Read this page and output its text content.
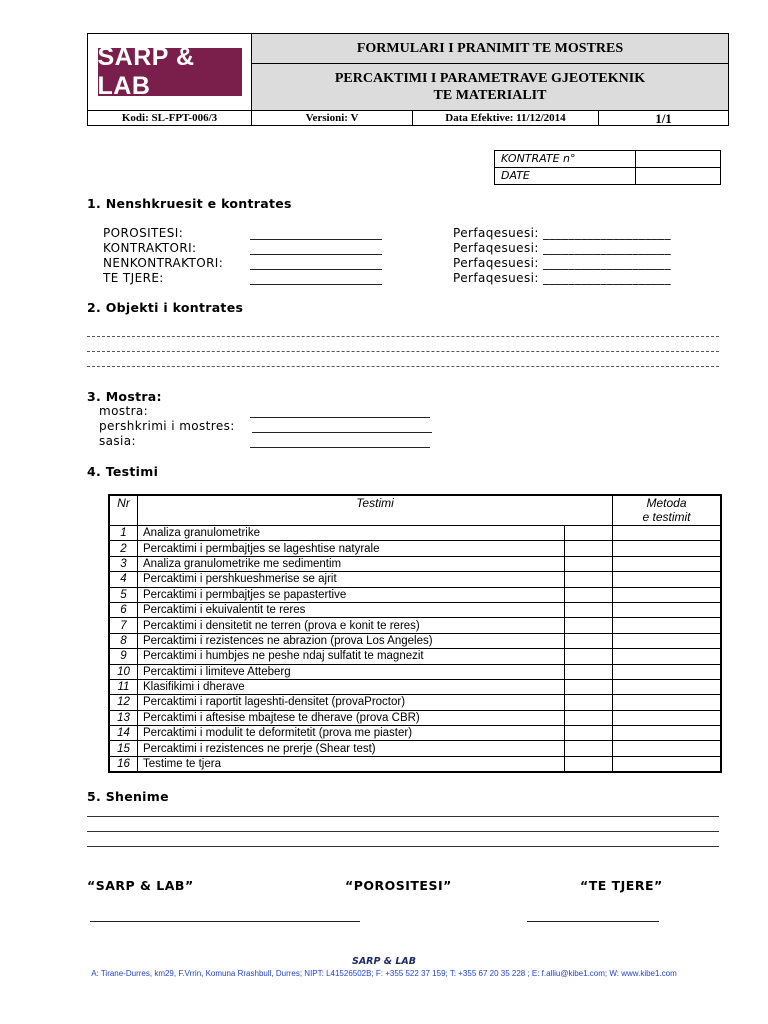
SARP & LAB
FORMULARI I PRANIMIT TE MOSTRES
PERCAKTIMI I PARAMETRAVE GJEOTEKNIK
TE MATERIALIT
Kodi: SL-FPT-006/3	Versioni: V	Data Efektive: 11/12/2014	1/1
KONTRATE n°
DATE
1. Nenshkruesit e kontrates
POROSITESI:	______________________	Perfaqesuesi: ____________________
KONTRAKTORI:	______________________	Perfaqesuesi: ____________________
NENKONTRAKTORI: ______________________	Perfaqesuesi: ____________________
TE TJERE:	______________________	Perfaqesuesi: ____________________
2. Objekti i kontrates
3. Mostra:
mostra:	______________________________
pershkrimi i mostres: ______________________________
sasia:	______________________________
4. Testimi
Nr	Testimi		Metoda
e testimit

1	Analiza granulometrike		
2	Percaktimi i permbajtjes se lageshtise natyrale		
3	Analiza granulometrike me sedimentim		
4	Percaktimi i pershkueshmerise se ajrit		
5	Percaktimi i permbajtjes se papastertive		
6	Percaktimi i ekuivalentit te reres		
7	Percaktimi i densitetit ne terren (prova e konit te reres)		
8	Percaktimi i rezistences ne abrazion (prova Los Angeles)		
9	Percaktimi i humbjes ne peshe ndaj sulfatit te magnezit		
10	Percaktimi i limiteve Atteberg		
11	Klasifikimi i dherave		
12	Percaktimi i raportit lageshti-densitet (provaProctor)		
13	Percaktimi i aftesise mbajtese te dherave (prova CBR)		
14	Percaktimi i modulit te deformitetit (prova me piaster)		
15	Percaktimi i rezistences ne prerje (Shear test)		
16	Testime te tjera		
5. Shenime
“SARP & LAB”	“POROSITESI”	“TE TJERE”
_____________________________________________	______________________
SARP & LAB
A: Tirane-Durres, km29, F.Vrrin, Komuna Rrashbull, Durres; NIPT: L41526502B; F: +355 522 37 159; T: +355 67 20 35 228 ; E: f.alliu@kibe1.com; W: www.kibe1.com
